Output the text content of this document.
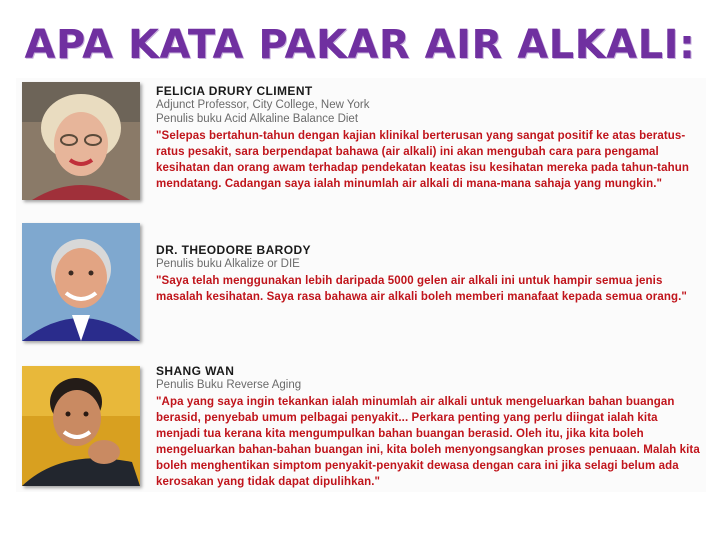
APA KATA PAKAR AIR ALKALI:

FELICIA DRURY CLIMENT

Adjunct Professor, City College, New York

Penulis buku Acid Alkaline Balance Diet

"Selepas bertahun-tahun dengan kajian klinikal berterusan yang sangat positif ke atas beratus-ratus pesakit, sara berpendapat bahawa (air alkali) ini akan mengubah cara para pengamal kesihatan dan orang awam terhadap pendekatan keatas isu kesihatan mereka pada tahun-tahun mendatang. Cadangan saya ialah minumlah air alkali di mana-mana sahaja yang mungkin."

DR. THEODORE BARODY

Penulis buku Alkalize or DIE

"Saya telah menggunakan lebih daripada 5000 gelen air alkali ini untuk hampir semua jenis masalah kesihatan. Saya rasa bahawa air alkali boleh memberi manafaat kepada semua orang."

SHANG WAN

Penulis Buku Reverse Aging

"Apa yang saya ingin tekankan ialah minumlah air alkali untuk mengeluarkan bahan buangan berasid, penyebab umum pelbagai penyakit... Perkara penting yang perlu diingat ialah kita menjadi tua kerana kita mengumpulkan bahan buangan berasid. Oleh itu, jika kita boleh mengeluarkan bahan-bahan buangan ini, kita boleh menyongsangkan proses penuaan. Malah kita boleh menghentikan simptom penyakit-penyakit dewasa dengan cara ini jika selagi belum ada kerosakan yang tidak dapat dipulihkan."
